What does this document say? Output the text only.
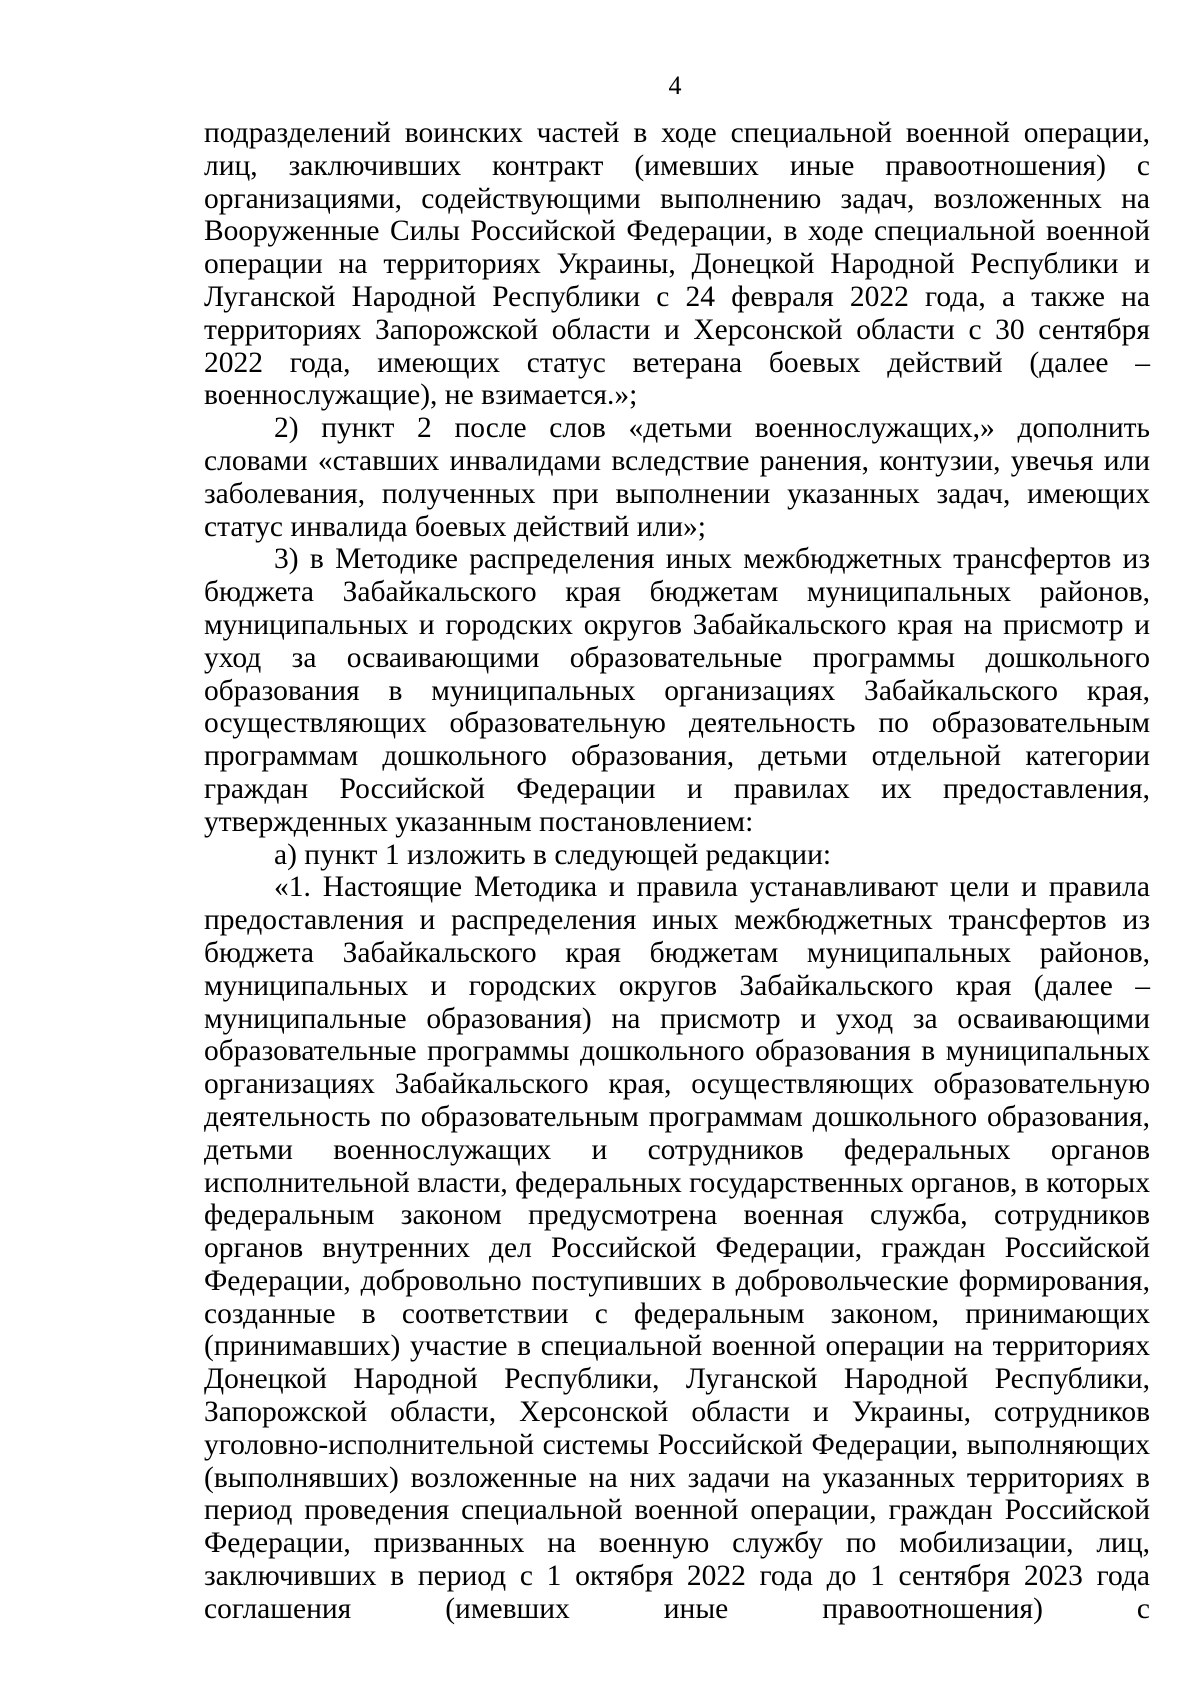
4

подразделений воинских частей в ходе специальной военной операции, лиц, заключивших контракт (имевших иные правоотношения) с организациями, содействующими выполнению задач, возложенных на Вооруженные Силы Российской Федерации, в ходе специальной военной операции на территориях Украины, Донецкой Народной Республики и Луганской Народной Республики с 24 февраля 2022 года, а также на территориях Запорожской области и Херсонской области с 30 сентября 2022 года, имеющих статус ветерана боевых действий (далее – военнослужащие), не взимается.»;

2) пункт 2 после слов «детьми военнослужащих,» дополнить словами «ставших инвалидами вследствие ранения, контузии, увечья или заболевания, полученных при выполнении указанных задач, имеющих статус инвалида боевых действий или»;

3) в Методике распределения иных межбюджетных трансфертов из бюджета Забайкальского края бюджетам муниципальных районов, муниципальных и городских округов Забайкальского края на присмотр и уход за осваивающими образовательные программы дошкольного образования в муниципальных организациях Забайкальского края, осуществляющих образовательную деятельность по образовательным программам дошкольного образования, детьми отдельной категории граждан Российской Федерации и правилах их предоставления, утвержденных указанным постановлением:

а) пункт 1 изложить в следующей редакции:

«1. Настоящие Методика и правила устанавливают цели и правила предоставления и распределения иных межбюджетных трансфертов из бюджета Забайкальского края бюджетам муниципальных районов, муниципальных и городских округов Забайкальского края (далее – муниципальные образования) на присмотр и уход за осваивающими образовательные программы дошкольного образования в муниципальных организациях Забайкальского края, осуществляющих образовательную деятельность по образовательным программам дошкольного образования, детьми военнослужащих и сотрудников федеральных органов исполнительной власти, федеральных государственных органов, в которых федеральным законом предусмотрена военная служба, сотрудников органов внутренних дел Российской Федерации, граждан Российской Федерации, добровольно поступивших в добровольческие формирования, созданные в соответствии с федеральным законом, принимающих (принимавших) участие в специальной военной операции на территориях Донецкой Народной Республики, Луганской Народной Республики, Запорожской области, Херсонской области и Украины, сотрудников уголовно-исполнительной системы Российской Федерации, выполняющих (выполнявших) возложенные на них задачи на указанных территориях в период проведения специальной военной операции, граждан Российской Федерации, призванных на военную службу по мобилизации, лиц, заключивших в период с 1 октября 2022 года до 1 сентября 2023 года соглашения (имевших иные правоотношения) с
